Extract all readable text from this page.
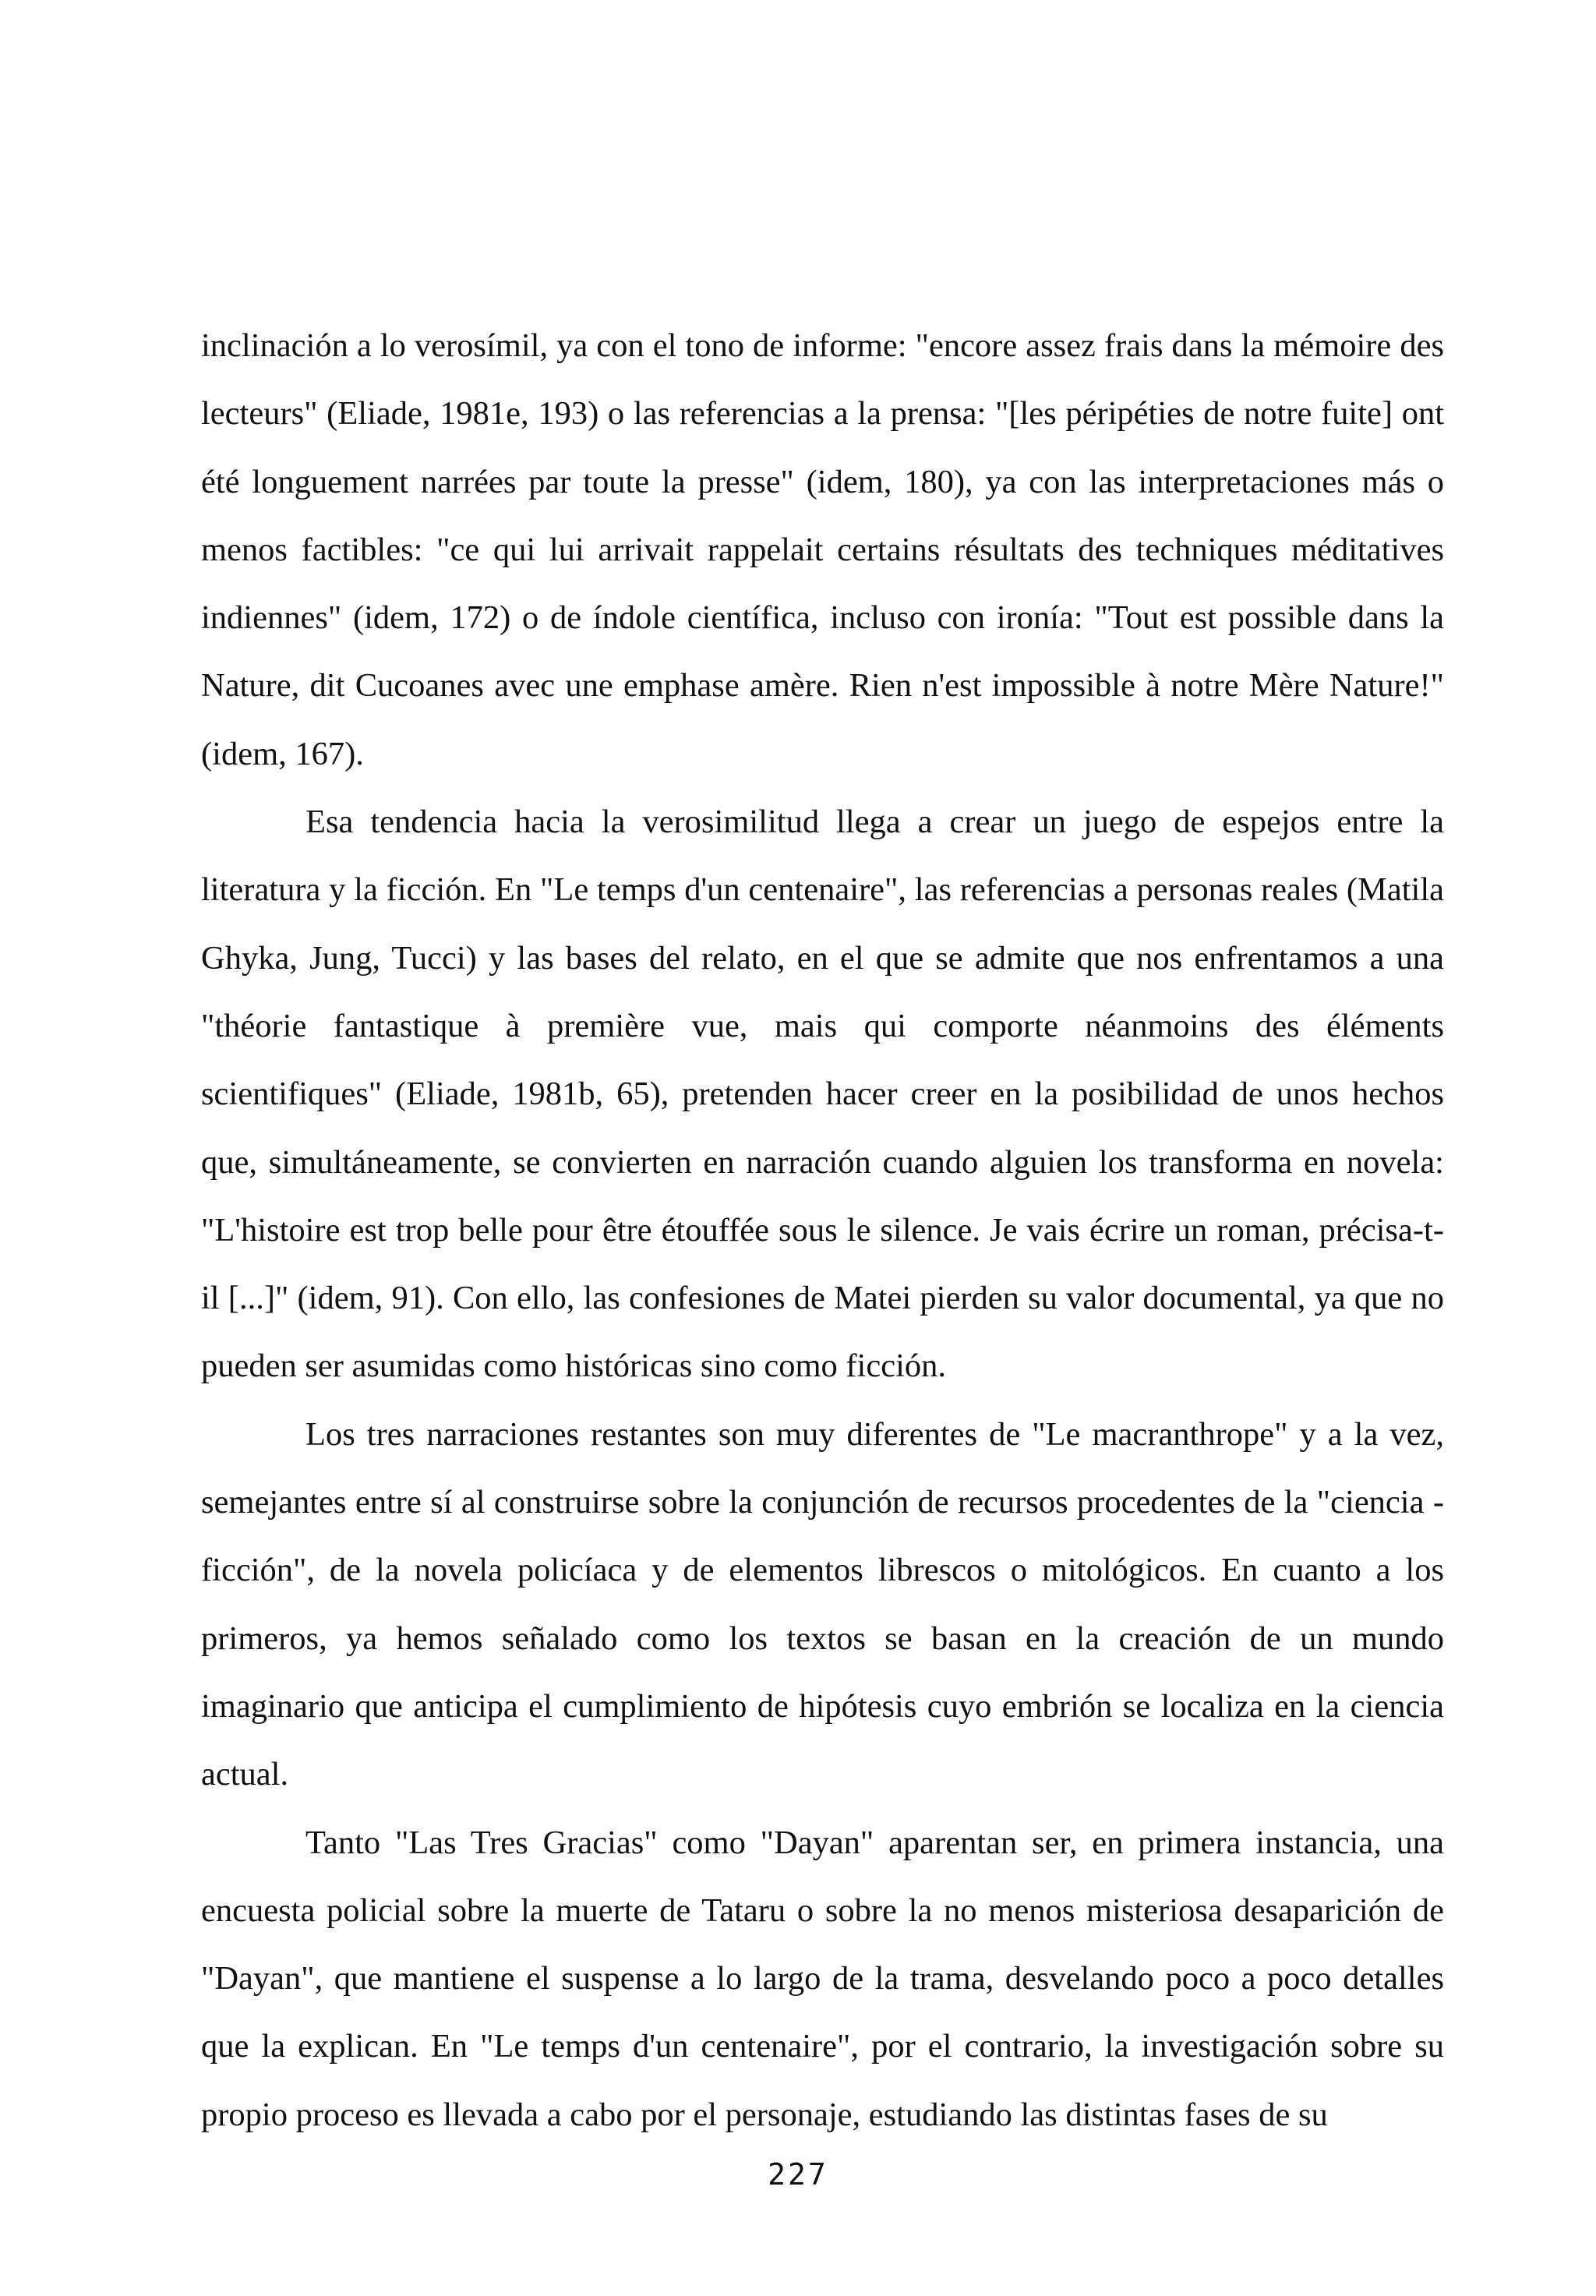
inclinación a lo verosímil, ya con el tono de informe: "encore assez frais dans la mémoire des lecteurs" (Eliade, 1981e, 193) o las referencias a la prensa: "[les péripéties de notre fuite] ont été longuement narrées par toute la presse" (idem, 180), ya con las interpretaciones más o menos factibles: "ce qui lui arrivait rappelait certains résultats des techniques méditatives indiennes" (idem, 172) o de índole científica, incluso con ironía: "Tout est possible dans la Nature, dit Cucoanes avec une emphase amère. Rien n'est impossible à notre Mère Nature!" (idem, 167).

Esa tendencia hacia la verosimilitud llega a crear un juego de espejos entre la literatura y la ficción. En "Le temps d'un centenaire", las referencias a personas reales (Matila Ghyka, Jung, Tucci) y las bases del relato, en el que se admite que nos enfrentamos a una "théorie fantastique à première vue, mais qui comporte néanmoins des éléments scientifiques" (Eliade, 1981b, 65), pretenden hacer creer en la posibilidad de unos hechos que, simultáneamente, se convierten en narración cuando alguien los transforma en novela: "L'histoire est trop belle pour être étouffée sous le silence. Je vais écrire un roman, précisa-t-il [...]" (idem, 91). Con ello, las confesiones de Matei pierden su valor documental, ya que no pueden ser asumidas como históricas sino como ficción.

Los tres narraciones restantes son muy diferentes de "Le macranthrope" y a la vez, semejantes entre sí al construirse sobre la conjunción de recursos procedentes de la "ciencia - ficción", de la novela policíaca y de elementos librescos o mitológicos. En cuanto a los primeros, ya hemos señalado como los textos se basan en la creación de un mundo imaginario que anticipa el cumplimiento de hipótesis cuyo embrión se localiza en la ciencia actual.

Tanto "Las Tres Gracias" como "Dayan" aparentan ser, en primera instancia, una encuesta policial sobre la muerte de Tataru o sobre la no menos misteriosa desaparición de "Dayan", que mantiene el suspense a lo largo de la trama, desvelando poco a poco detalles que la explican. En "Le temps d'un centenaire", por el contrario, la investigación sobre su propio proceso es llevada a cabo por el personaje, estudiando las distintas fases de su

227
